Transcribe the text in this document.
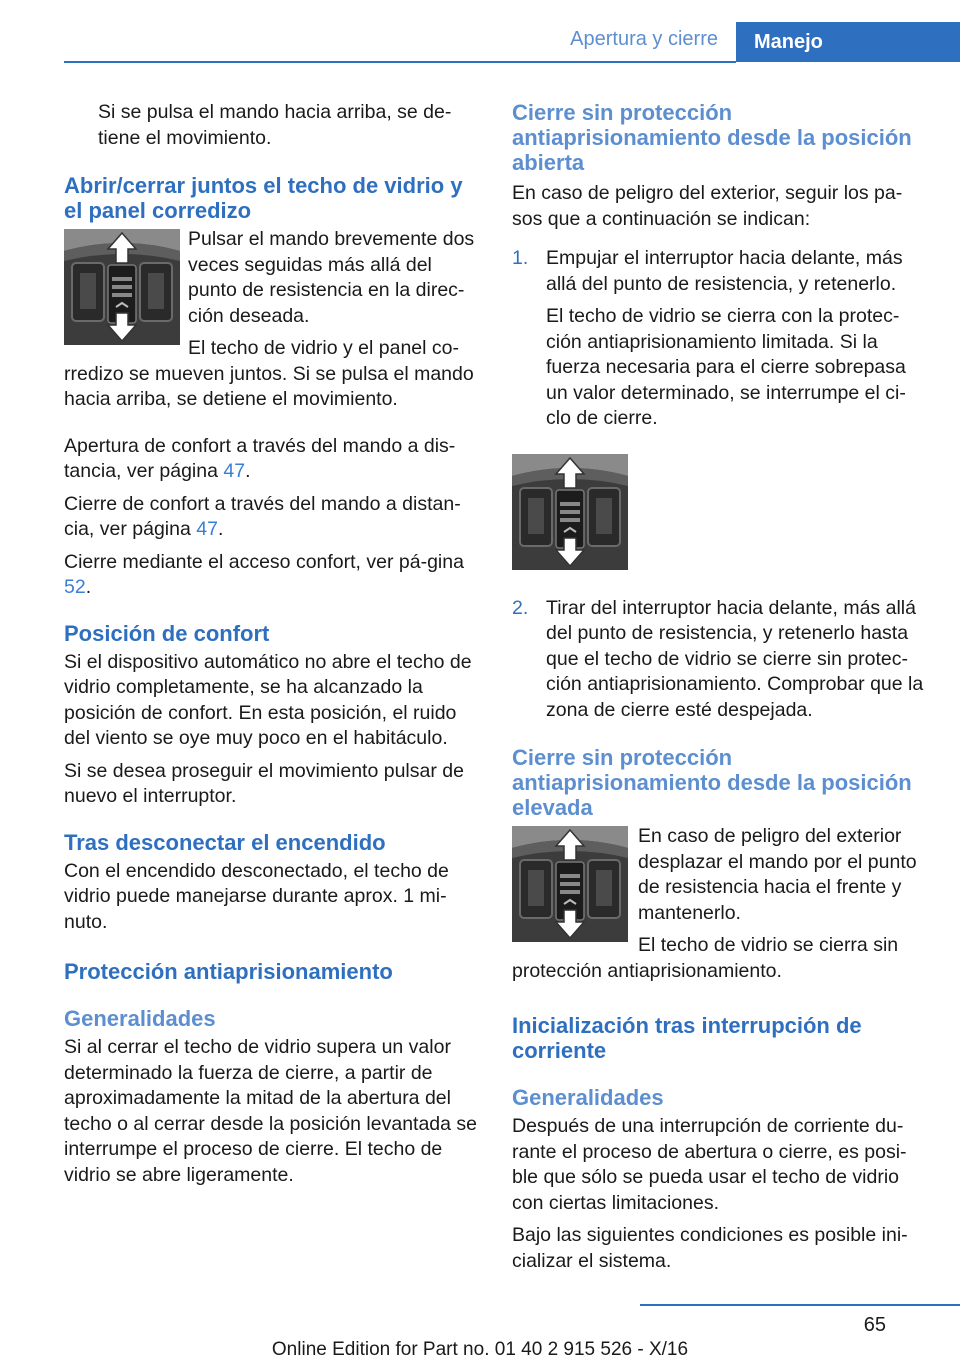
Apertura y cierre	Manejo

Si se pulsa el mando hacia arriba, se de-
tiene el movimiento.

Abrir/cerrar juntos el techo de vidrio y el panel corredizo

Pulsar el mando brevemente dos veces seguidas más allá del punto de resistencia en la direc-ción deseada.

El techo de vidrio y el panel co-rredizo se mueven juntos. Si se pulsa el mando hacia arriba, se detiene el movimiento.

Apertura de confort a través del mando a dis-tancia, ver página 47.

Cierre de confort a través del mando a distan-cia, ver página 47.

Cierre mediante el acceso confort, ver pá-gina 52.

Posición de confort

Si el dispositivo automático no abre el techo de vidrio completamente, se ha alcanzado la posición de confort. En esta posición, el ruido del viento se oye muy poco en el habitáculo.

Si se desea proseguir el movimiento pulsar de nuevo el interruptor.

Tras desconectar el encendido

Con el encendido desconectado, el techo de vidrio puede manejarse durante aprox. 1 mi-nuto.

Protección antiaprisionamiento
Generalidades

Si al cerrar el techo de vidrio supera un valor determinado la fuerza de cierre, a partir de aproximadamente la mitad de la abertura del techo o al cerrar desde la posición levantada se interrumpe el proceso de cierre. El techo de vidrio se abre ligeramente.

Cierre sin protección antiaprisionamiento desde la posición abierta

En caso de peligro del exterior, seguir los pa-sos que a continuación se indican:

1. Empujar el interruptor hacia delante, más allá del punto de resistencia, y retenerlo.
El techo de vidrio se cierra con la protec-ción antiaprisionamiento limitada. Si la fuerza necesaria para el cierre sobrepasa un valor determinado, se interrumpe el ci-clo de cierre.
2. Tirar del interruptor hacia delante, más allá del punto de resistencia, y retenerlo hasta que el techo de vidrio se cierre sin protec-ción antiaprisionamiento. Comprobar que la zona de cierre esté despejada.
Cierre sin protección antiaprisionamiento desde la posición elevada

En caso de peligro del exterior desplazar el mando por el punto de resistencia hacia el frente y mantenerlo.

El techo de vidrio se cierra sin protección antiaprisionamiento.

Inicialización tras interrupción de corriente
Generalidades

Después de una interrupción de corriente du-rante el proceso de abertura o cierre, es posi-ble que sólo se pueda usar el techo de vidrio con ciertas limitaciones.

Bajo las siguientes condiciones es posible ini-cializar el sistema.

65
Online Edition for Part no. 01 40 2 915 526 - X/16
